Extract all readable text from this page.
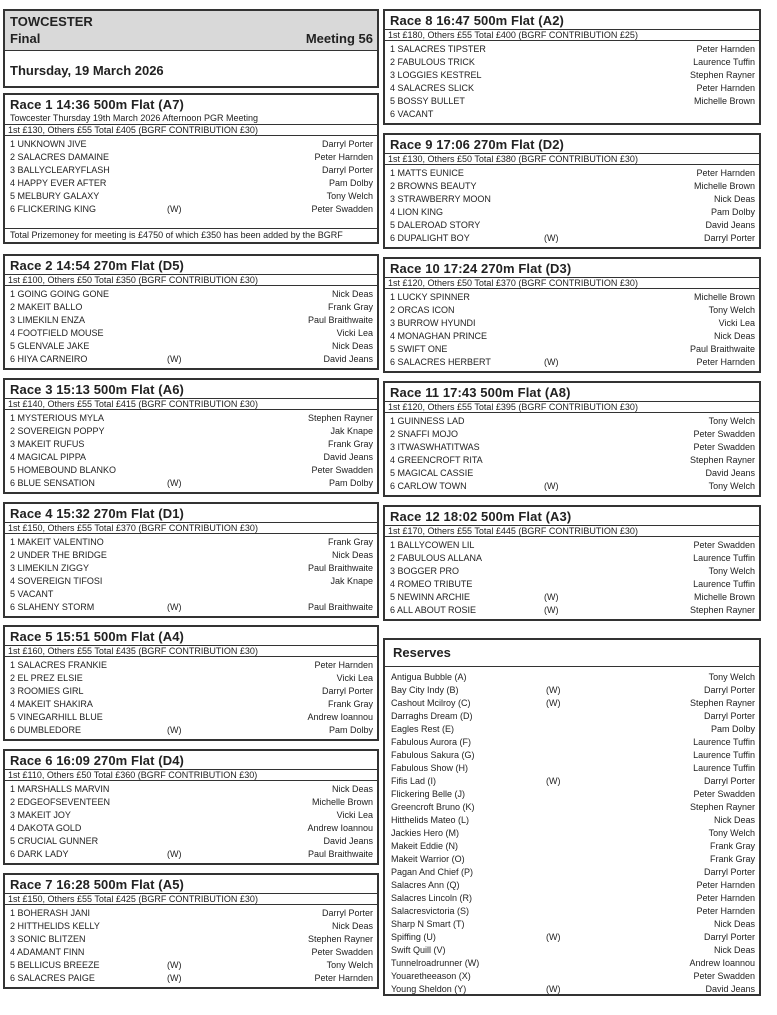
TOWCESTER
Final	Meeting 56
Thursday, 19 March 2026
Race 1 14:36 500m Flat (A7)
Towcester Thursday 19th March 2026 Afternoon PGR Meeting
1st £130, Others £55 Total £405 (BGRF CONTRIBUTION £30)
1 UNKNOWN JIVE	Darryl Porter
2 SALACRES DAMAINE	Peter Harnden
3 BALLYCLEARYFLASH	Darryl Porter
4 HAPPY EVER AFTER	Pam Dolby
5 MELBURY GALAXY	Tony Welch
6 FLICKERING KING	(W)	Peter Swadden
Total Prizemoney for meeting is £4750 of which £350 has been added by the BGRF
Race 2 14:54 270m Flat (D5)
1st £100, Others £50 Total £350 (BGRF CONTRIBUTION £30)
1 GOING GOING GONE	Nick Deas
2 MAKEIT BALLO	Frank Gray
3 LIMEKILN ENZA	Paul Braithwaite
4 FOOTFIELD MOUSE	Vicki Lea
5 GLENVALE JAKE	Nick Deas
6 HIYA CARNEIRO	(W)	David Jeans
Race 3 15:13 500m Flat (A6)
1st £140, Others £55 Total £415 (BGRF CONTRIBUTION £30)
1 MYSTERIOUS MYLA	Stephen Rayner
2 SOVEREIGN POPPY	Jak Knape
3 MAKEIT RUFUS	Frank Gray
4 MAGICAL PIPPA	David Jeans
5 HOMEBOUND BLANKO	Peter Swadden
6 BLUE SENSATION	(W)	Pam Dolby
Race 4 15:32 270m Flat (D1)
1st £150, Others £55 Total £370 (BGRF CONTRIBUTION £30)
1 MAKEIT VALENTINO	Frank Gray
2 UNDER THE BRIDGE	Nick Deas
3 LIMEKILN ZIGGY	Paul Braithwaite
4 SOVEREIGN TIFOSI	Jak Knape
5 VACANT
6 SLAHENY STORM	(W)	Paul Braithwaite
Race 5 15:51 500m Flat (A4)
1st £160, Others £55 Total £435 (BGRF CONTRIBUTION £30)
1 SALACRES FRANKIE	Peter Harnden
2 EL PREZ ELSIE	Vicki Lea
3 ROOMIES GIRL	Darryl Porter
4 MAKEIT SHAKIRA	Frank Gray
5 VINEGARHILL BLUE	Andrew Ioannou
6 DUMBLEDORE	(W)	Pam Dolby
Race 6 16:09 270m Flat (D4)
1st £110, Others £50 Total £360 (BGRF CONTRIBUTION £30)
1 MARSHALLS MARVIN	Nick Deas
2 EDGEOFSEVENTEEN	Michelle Brown
3 MAKEIT JOY	Vicki Lea
4 DAKOTA GOLD	Andrew Ioannou
5 CRUCIAL GUNNER	David Jeans
6 DARK LADY	(W)	Paul Braithwaite
Race 7 16:28 500m Flat (A5)
1st £150, Others £55 Total £425 (BGRF CONTRIBUTION £30)
1 BOHERASH JANI	Darryl Porter
2 HITTHELIDS KELLY	Nick Deas
3 SONIC BLITZEN	Stephen Rayner
4 ADAMANT FINN	Peter Swadden
5 BELLICUS BREEZE	(W)	Tony Welch
6 SALACRES PAIGE	(W)	Peter Harnden
Race 8 16:47 500m Flat (A2)
1st £180, Others £55 Total £400 (BGRF CONTRIBUTION £25)
1 SALACRES TIPSTER	Peter Harnden
2 FABULOUS TRICK	Laurence Tuffin
3 LOGGIES KESTREL	Stephen Rayner
4 SALACRES SLICK	Peter Harnden
5 BOSSY BULLET	Michelle Brown
6 VACANT
Race 9 17:06 270m Flat (D2)
1st £130, Others £50 Total £380 (BGRF CONTRIBUTION £30)
1 MATTS EUNICE	Peter Harnden
2 BROWNS BEAUTY	Michelle Brown
3 STRAWBERRY MOON	Nick Deas
4 LION KING	Pam Dolby
5 DALEROAD STORY	David Jeans
6 DUPALIGHT BOY	(W)	Darryl Porter
Race 10 17:24 270m Flat (D3)
1st £120, Others £50 Total £370 (BGRF CONTRIBUTION £30)
1 LUCKY SPINNER	Michelle Brown
2 ORCAS ICON	Tony Welch
3 BURROW HYUNDI	Vicki Lea
4 MONAGHAN PRINCE	Nick Deas
5 SWIFT ONE	Paul Braithwaite
6 SALACRES HERBERT	(W)	Peter Harnden
Race 11 17:43 500m Flat (A8)
1st £120, Others £55 Total £395 (BGRF CONTRIBUTION £30)
1 GUINNESS LAD	Tony Welch
2 SNAFFI MOJO	Peter Swadden
3 ITWASWHATITWAS	Peter Swadden
4 GREENCROFT RITA	Stephen Rayner
5 MAGICAL CASSIE	David Jeans
6 CARLOW TOWN	(W)	Tony Welch
Race 12 18:02 500m Flat (A3)
1st £170, Others £55 Total £445 (BGRF CONTRIBUTION £30)
1 BALLYCOWEN LIL	Peter Swadden
2 FABULOUS ALLANA	Laurence Tuffin
3 BOGGER PRO	Tony Welch
4 ROMEO TRIBUTE	Laurence Tuffin
5 NEWINN ARCHIE	(W)	Michelle Brown
6 ALL ABOUT ROSIE	(W)	Stephen Rayner
Reserves
Antigua Bubble (A)	Tony Welch
Bay City Indy (B)	(W)	Darryl Porter
Cashout Mcilroy (C)	(W)	Stephen Rayner
Darraghs Dream (D)	Darryl Porter
Eagles Rest (E)	Pam Dolby
Fabulous Aurora (F)	Laurence Tuffin
Fabulous Sakura (G)	Laurence Tuffin
Fabulous Show (H)	Laurence Tuffin
Fifis Lad (I)	(W)	Darryl Porter
Flickering Belle (J)	Peter Swadden
Greencroft Bruno (K)	Stephen Rayner
Hitthelids Mateo (L)	Nick Deas
Jackies Hero (M)	Tony Welch
Makeit Eddie (N)	Frank Gray
Makeit Warrior (O)	Frank Gray
Pagan And Chief (P)	Darryl Porter
Salacres Ann (Q)	Peter Harnden
Salacres Lincoln (R)	Peter Harnden
Salacresvictoria (S)	Peter Harnden
Sharp N Smart (T)	Nick Deas
Spiffing (U)	(W)	Darryl Porter
Swift Quill (V)	Nick Deas
Tunnelroadrunner (W)	Andrew Ioannou
Youaretheeason (X)	Peter Swadden
Young Sheldon (Y)	(W)	David Jeans
